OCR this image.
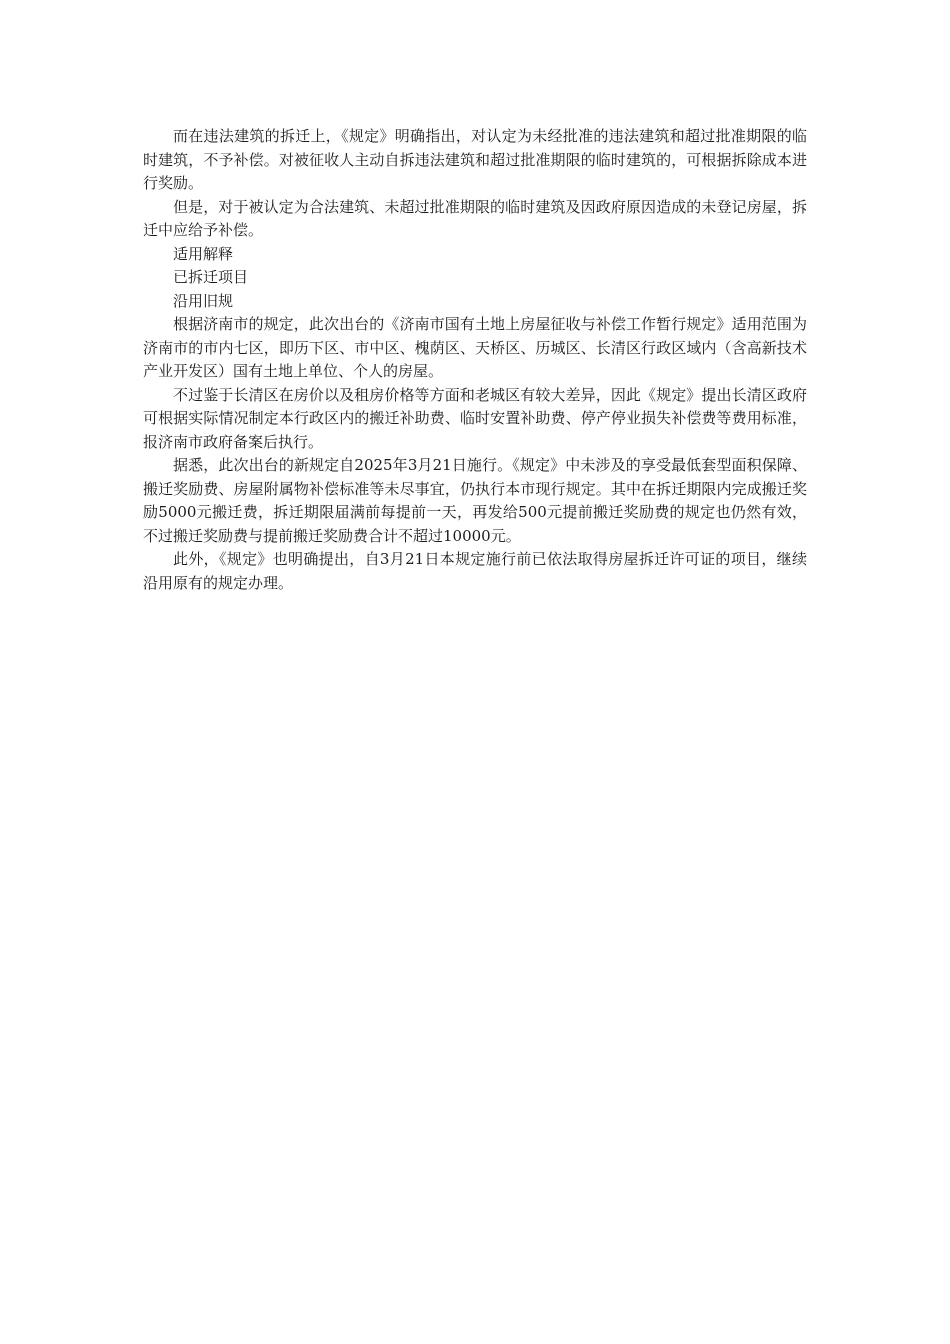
而在违法建筑的拆迁上，《规定》明确指出，对认定为未经批准的违法建筑和超过批准期限的临时建筑，不予补偿。对被征收人主动自拆违法建筑和超过批准期限的临时建筑的，可根据拆除成本进行奖励。

但是，对于被认定为合法建筑、未超过批准期限的临时建筑及因政府原因造成的未登记房屋，拆迁中应给予补偿。

适用解释

已拆迁项目

沿用旧规

根据济南市的规定，此次出台的《济南市国有土地上房屋征收与补偿工作暂行规定》适用范围为济南市的市内七区，即历下区、市中区、槐荫区、天桥区、历城区、长清区行政区域内（含高新技术产业开发区）国有土地上单位、个人的房屋。

不过鉴于长清区在房价以及租房价格等方面和老城区有较大差异，因此《规定》提出长清区政府可根据实际情况制定本行政区内的搬迁补助费、临时安置补助费、停产停业损失补偿费等费用标准，报济南市政府备案后执行。

据悉，此次出台的新规定自2025年3月21日施行。《规定》中未涉及的享受最低套型面积保障、搬迁奖励费、房屋附属物补偿标准等未尽事宜，仍执行本市现行规定。其中在拆迁期限内完成搬迁奖励5000元搬迁费，拆迁期限届满前每提前一天，再发给500元提前搬迁奖励费的规定也仍然有效，不过搬迁奖励费与提前搬迁奖励费合计不超过10000元。

此外，《规定》也明确提出，自3月21日本规定施行前已依法取得房屋拆迁许可证的项目，继续沿用原有的规定办理。
